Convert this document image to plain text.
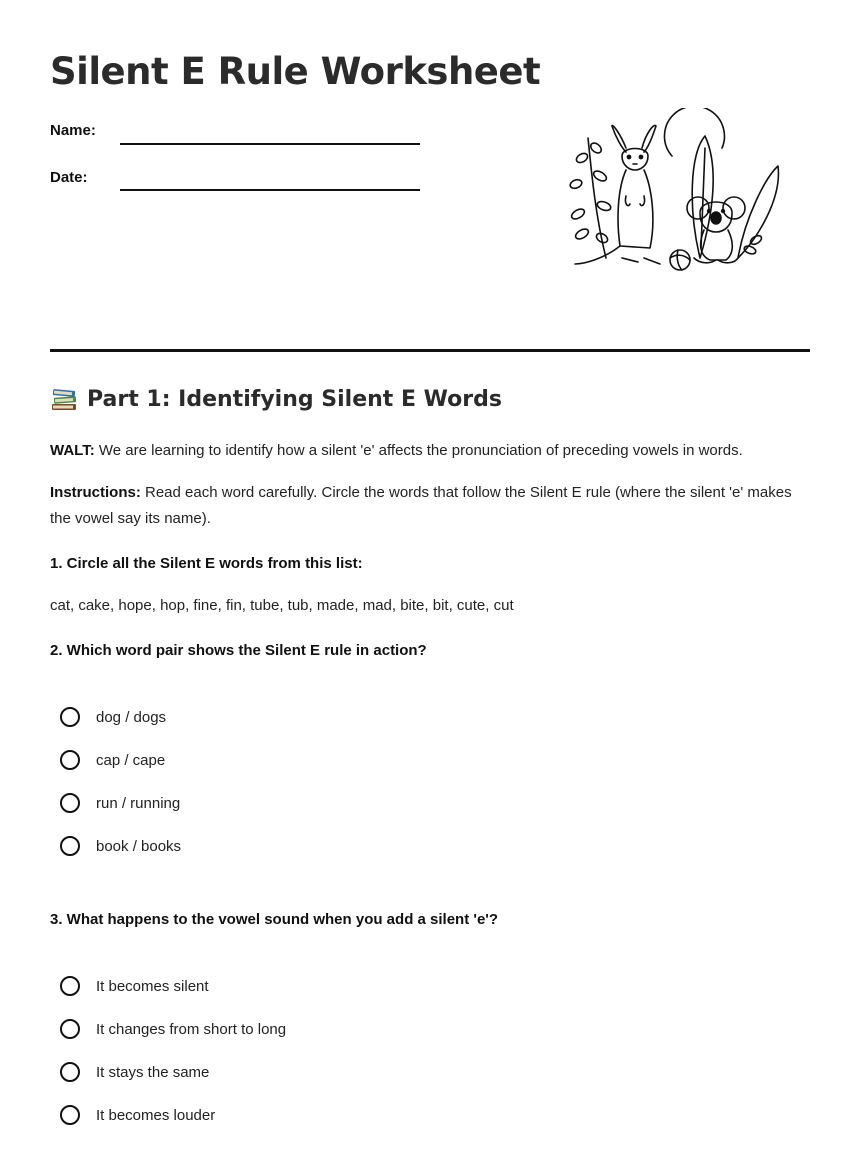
Silent E Rule Worksheet
Name:
Date:
Part 1: Identifying Silent E Words

WALT: We are learning to identify how a silent 'e' affects the pronunciation of preceding vowels in words.

Instructions: Read each word carefully. Circle the words that follow the Silent E rule (where the silent 'e' makes the vowel say its name).

1. Circle all the Silent E words from this list:
cat, cake, hope, hop, fine, fin, tube, tub, made, mad, bite, bit, cute, cut
2. Which word pair shows the Silent E rule in action?
dog / dogs
cap / cape
run / running
book / books
3. What happens to the vowel sound when you add a silent 'e'?
It becomes silent
It changes from short to long
It stays the same
It becomes louder
